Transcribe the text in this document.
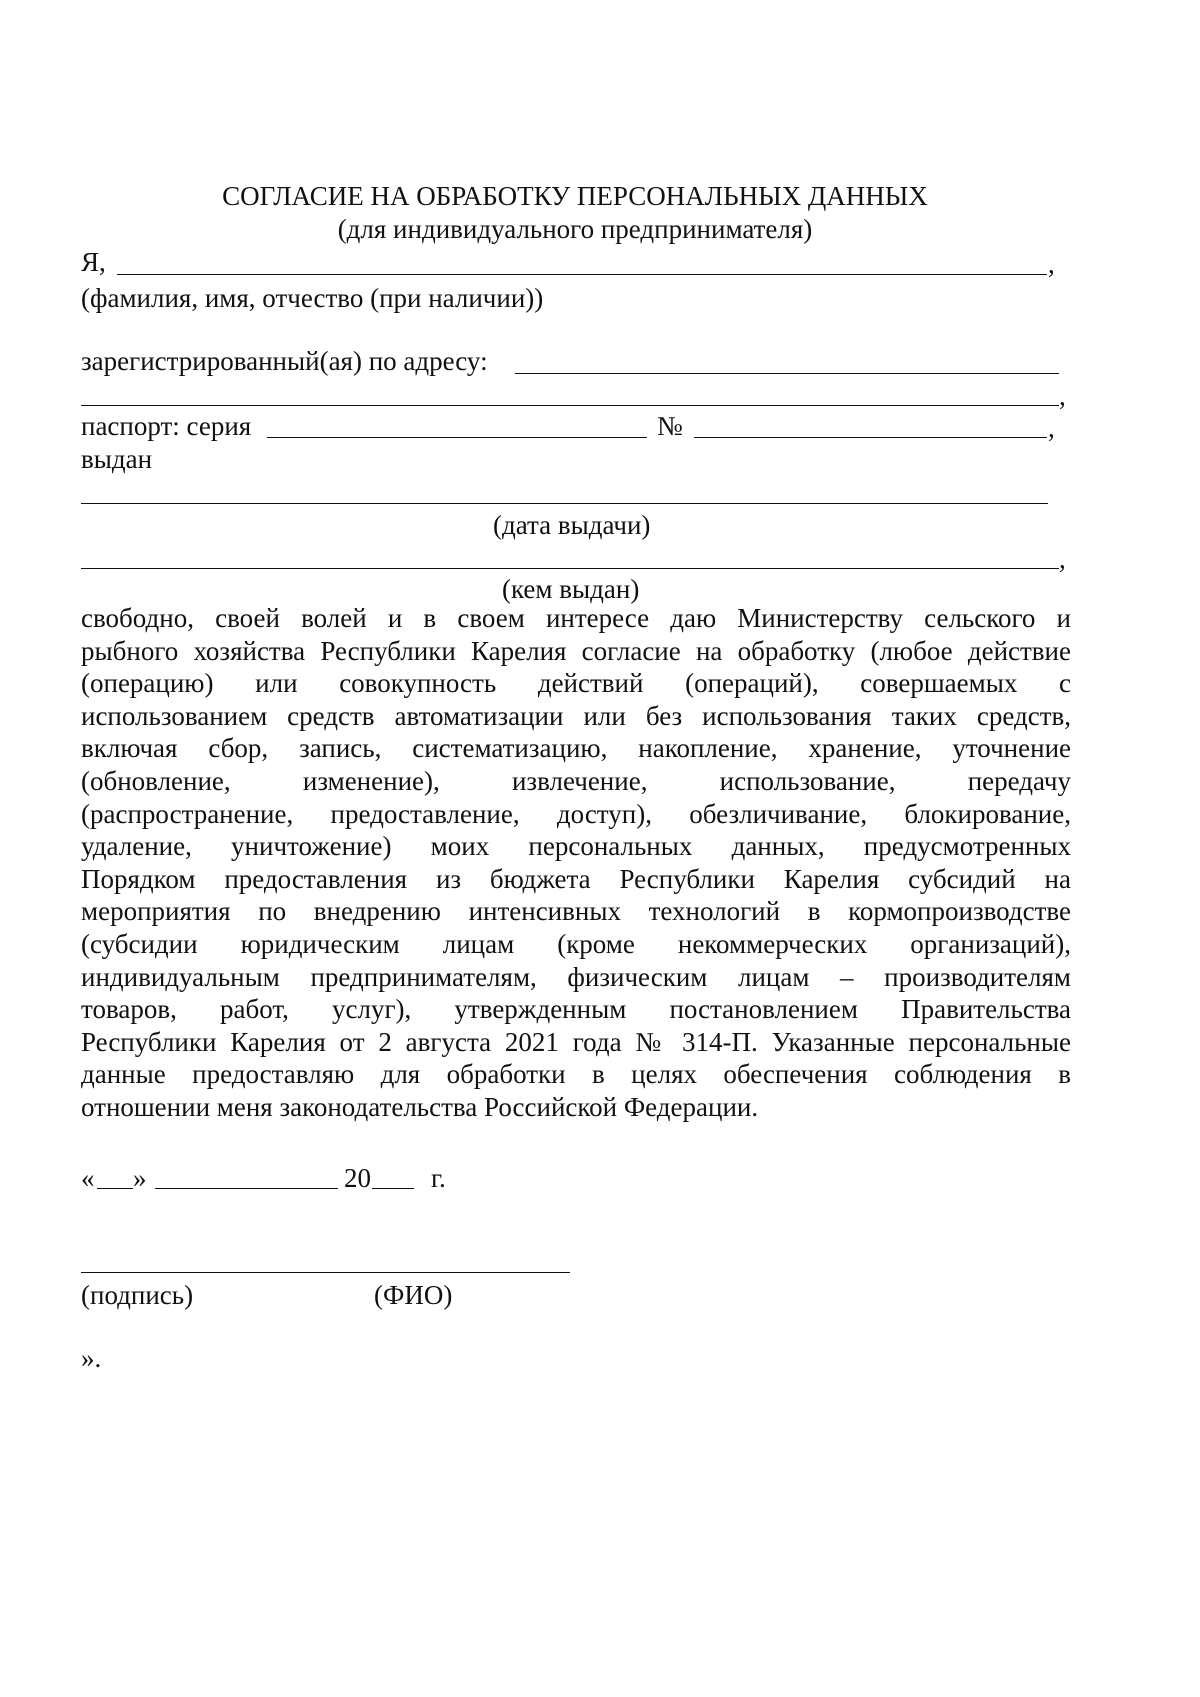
СОГЛАСИЕ НА ОБРАБОТКУ ПЕРСОНАЛЬНЫХ ДАННЫХ
(для индивидуального предпринимателя)
Я,	,
(фамилия, имя, отчество (при наличии))
зарегистрированный(ая) по адресу:
,
паспорт: серия	№	,
выдан
(дата выдачи)
,
(кем выдан)
свободно, своей волей и в своем интересе даю Министерству сельского и
рыбного хозяйства Республики Карелия согласие на обработку (любое действие
(операцию) или совокупность действий (операций), совершаемых с
использованием средств автоматизации или без использования таких средств,
включая сбор, запись, систематизацию, накопление, хранение, уточнение
(обновление, изменение), извлечение, использование, передачу
(распространение, предоставление, доступ), обезличивание, блокирование,
удаление, уничтожение) моих персональных данных, предусмотренных
Порядком предоставления из бюджета Республики Карелия субсидий на
мероприятия по внедрению интенсивных технологий в кормопроизводстве
(субсидии юридическим лицам (кроме некоммерческих организаций),
индивидуальным предпринимателям, физическим лицам – производителям
товаров, работ, услуг), утвержденным постановлением Правительства
Республики Карелия от 2 августа 2021 года № 314-П. Указанные персональные
данные предоставляю для обработки в целях обеспечения соблюдения в
отношении меня законодательства Российской Федерации.
« »	20 г.
(подпись)	(ФИО)
».
